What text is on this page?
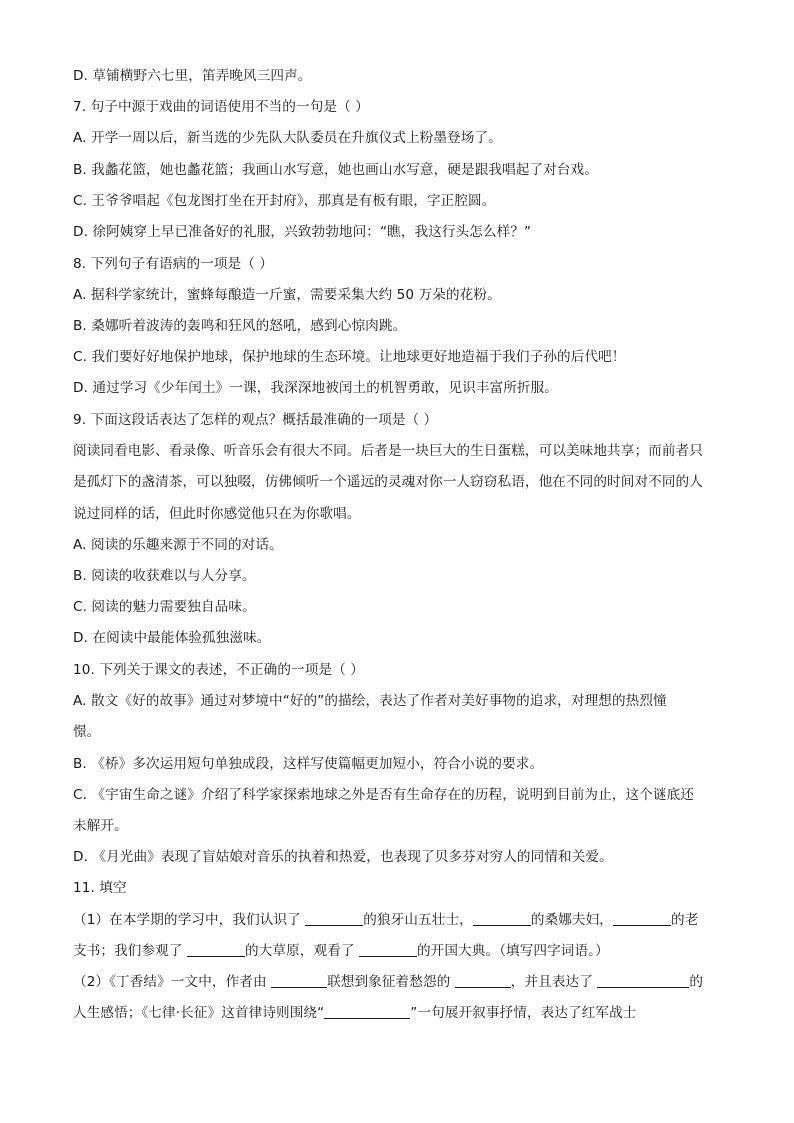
D. 草铺横野六七里，笛弄晚风三四声。
7. 句子中源于戏曲的词语使用不当的一句是（ ）
A. 开学一周以后，新当选的少先队大队委员在升旗仪式上粉墨登场了。
B. 我蠡花篮，她也蠡花篮；我画山水写意，她也画山水写意，硬是跟我唱起了对台戏。
C. 王爷爷唱起《包龙图打坐在开封府》，那真是有板有眼，字正腔圆。
D. 徐阿姨穿上早已准备好的礼服，兴致勃勃地问：“瞧，我这行头怎么样？”
8. 下列句子有语病的一项是（ ）
A. 据科学家统计，蜜蜂每酿造一斤蜜，需要采集大约 50 万朵的花粉。
B. 桑娜听着波涛的轰鸣和狂风的怒吼，感到心惊肉跳。
C. 我们要好好地保护地球，保护地球的生态环境。让地球更好地造福于我们子孙的后代吧！
D. 通过学习《少年闰土》一课，我深深地被闰土的机智勇敢，见识丰富所折服。
9. 下面这段话表达了怎样的观点？概括最准确的一项是（ ）
阅读同看电影、看录像、听音乐会有很大不同。后者是一块巨大的生日蛋糕，可以美味地共享；而前者只
是孤灯下的盏清茶，可以独啜，仿佛倾听一个遥远的灵魂对你一人窃窃私语，他在不同的时间对不同的人
说过同样的话，但此时你感觉他只在为你歌唱。
A. 阅读的乐趣来源于不同的对话。
B. 阅读的收获难以与人分享。
C. 阅读的魅力需要独自品味。
D. 在阅读中最能体验孤独滋味。
10. 下列关于课文的表述，不正确的一项是（ ）
A. 散文《好的故事》通过对梦境中“好的”的描绘，表达了作者对美好事物的追求，对理想的热烈憧
憬。
B. 《桥》多次运用短句单独成段，这样写使篇幅更加短小，符合小说的要求。
C. 《宇宙生命之谜》介绍了科学家探索地球之外是否有生命存在的历程，说明到目前为止，这个谜底还
未解开。
D. 《月光曲》表现了盲姑娘对音乐的执着和热爱，也表现了贝多芬对穷人的同情和关爱。
11. 填空
（1）在本学期的学习中，我们认识了	的狼牙山五壮士，	的桑娜夫妇，	的老
支书；我们参观了	的大草原，观看了	的开国大典。（填写四字词语。）
（2）《丁香结》一文中，作者由	联想到象征着愁怨的	，并且表达了	的
人生感悟；《七律·长征》这首律诗则围绕“	”一句展开叙事抒情，表达了红军战士
